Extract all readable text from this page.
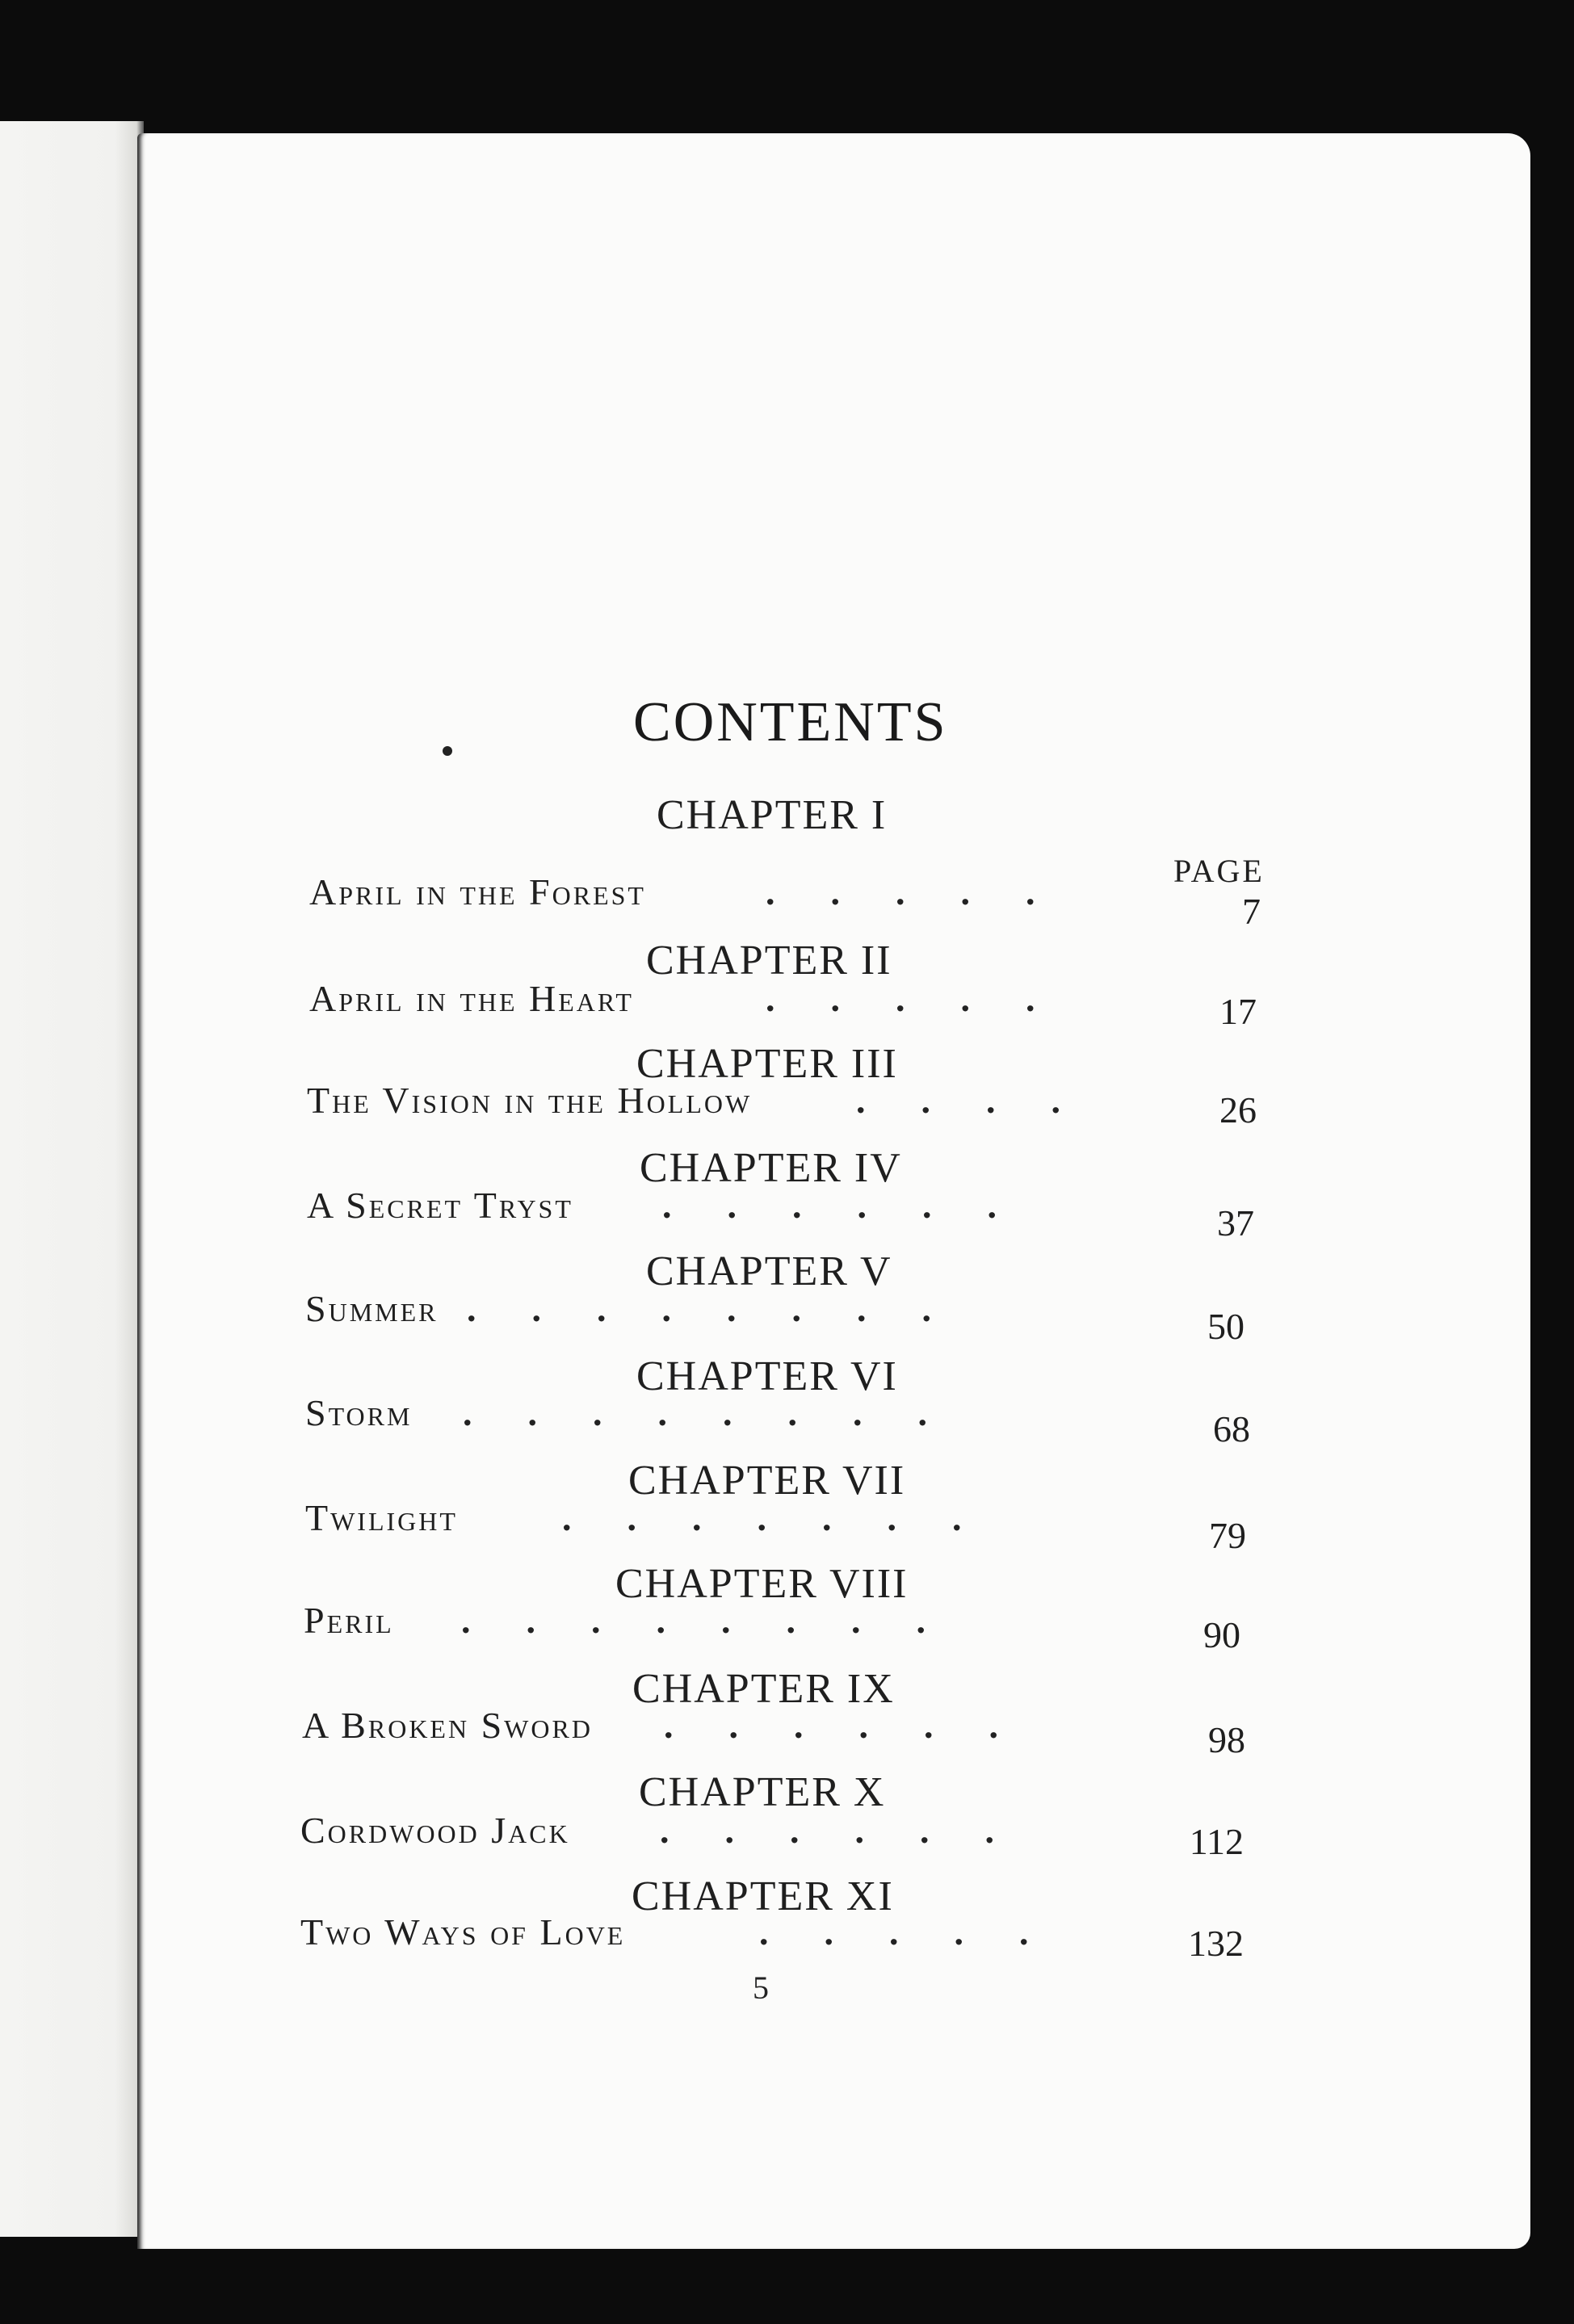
CONTENTS
PAGE
CHAPTER I
CHAPTER II
CHAPTER III
CHAPTER IV
CHAPTER V
CHAPTER VI
CHAPTER VII
CHAPTER VIII
CHAPTER IX
CHAPTER X
CHAPTER XI
April in the Forest	.      .      .      .      .	7
April in the Heart	.      .      .      .      .	17
The Vision in the Hollow	.      .      .      .	26
A Secret Tryst .      .      .      .      .      .	37
Summer .      .      .      .      .      .      .      .	50
Storm .      .      .      .      .      .      .      .	68
Twilight	.      .      .      .      .      .      .	79
Peril .      .      .      .      .      .      .      .	90
A Broken Sword .      .      .      .      .      .	98
Cordwood Jack .      .      .      .      .      .	112
Two Ways of Love	.      .      .      .      .	132
5
